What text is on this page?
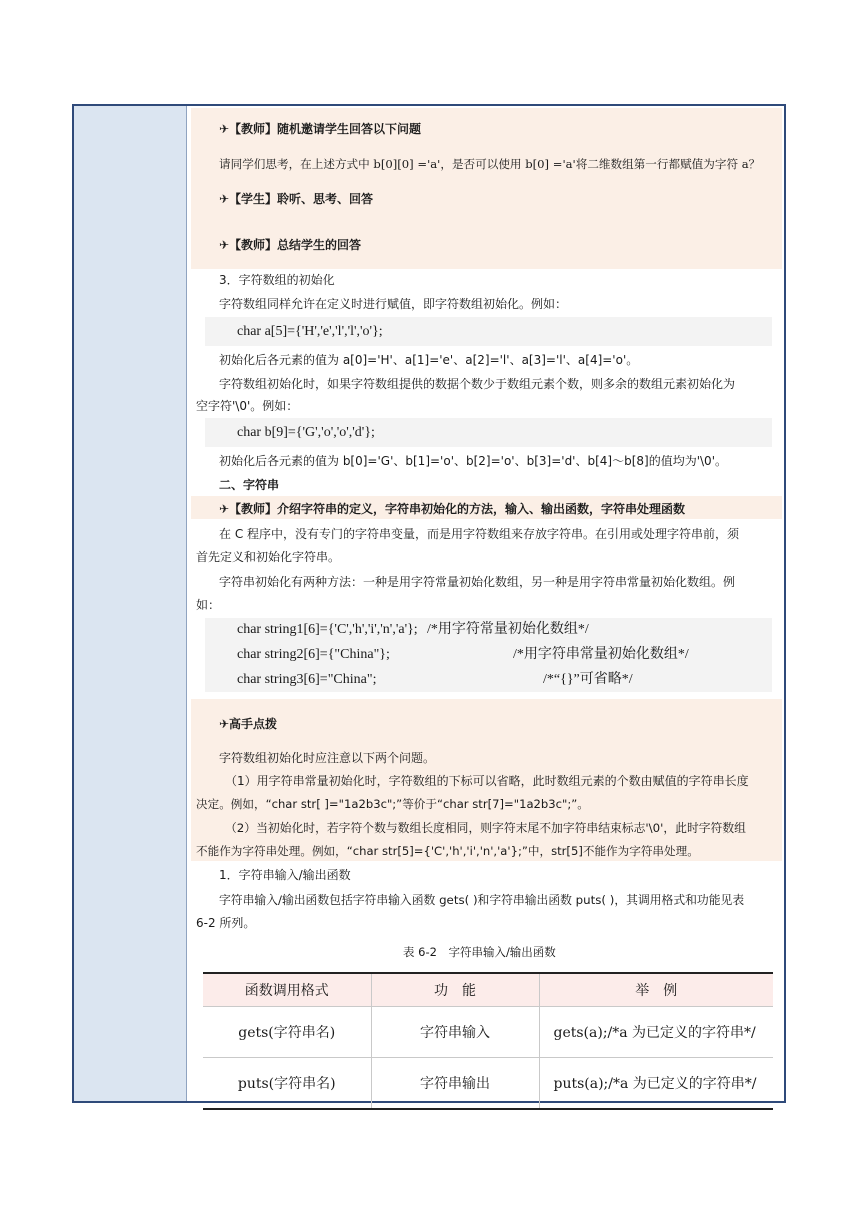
✈【教师】随机邀请学生回答以下问题
请同学们思考，在上述方式中 b[0][0] ='a'，是否可以使用 b[0] ='a'将二维数组第一行都赋值为字符 a？
✈【学生】聆听、思考、回答
✈【教师】总结学生的回答
3．字符数组的初始化
字符数组同样允许在定义时进行赋值，即字符数组初始化。例如：
char a[5]={'H','e','l','l','o'};
初始化后各元素的值为 a[0]='H'、a[1]='e'、a[2]='l'、a[3]='l'、a[4]='o'。
字符数组初始化时，如果字符数组提供的数据个数少于数组元素个数，则多余的数组元素初始化为
空字符'\0'。例如：
char b[9]={'G','o','o','d'};
初始化后各元素的值为 b[0]='G'、b[1]='o'、b[2]='o'、b[3]='d'、b[4]～b[8]的值均为'\0'。
二、字符串
✈【教师】介绍字符串的定义，字符串初始化的方法，输入、输出函数，字符串处理函数
在 C 程序中，没有专门的字符串变量，而是用字符数组来存放字符串。在引用或处理字符串前，须
首先定义和初始化字符串。
字符串初始化有两种方法：一种是用字符常量初始化数组，另一种是用字符串常量初始化数组。例
如：
char string1[6]={'C','h','i','n','a'}; /*用字符常量初始化数组*/
char string2[6]={"China"};	/*用字符串常量初始化数组*/
char string3[6]="China";	/*“{}”可省略*/
✈高手点拨
字符数组初始化时应注意以下两个问题。
（1）用字符串常量初始化时，字符数组的下标可以省略，此时数组元素的个数由赋值的字符串长度
决定。例如，“char str[ ]="1a2b3c";”等价于“char str[7]="1a2b3c";”。
（2）当初始化时，若字符个数与数组长度相同，则字符末尾不加字符串结束标志'\0'，此时字符数组
不能作为字符串处理。例如，“char str[5]={'C','h','i','n','a'};”中，str[5]不能作为字符串处理。
1．字符串输入/输出函数
字符串输入/输出函数包括字符串输入函数 gets( )和字符串输出函数 puts( )，其调用格式和功能见表
6-2 所列。
表 6-2　字符串输入/输出函数
函数调用格式	功　能	举　例
gets(字符串名)	字符串输入	gets(a);/*a 为已定义的字符串*/
puts(字符串名)	字符串输出	puts(a);/*a 为已定义的字符串*/
